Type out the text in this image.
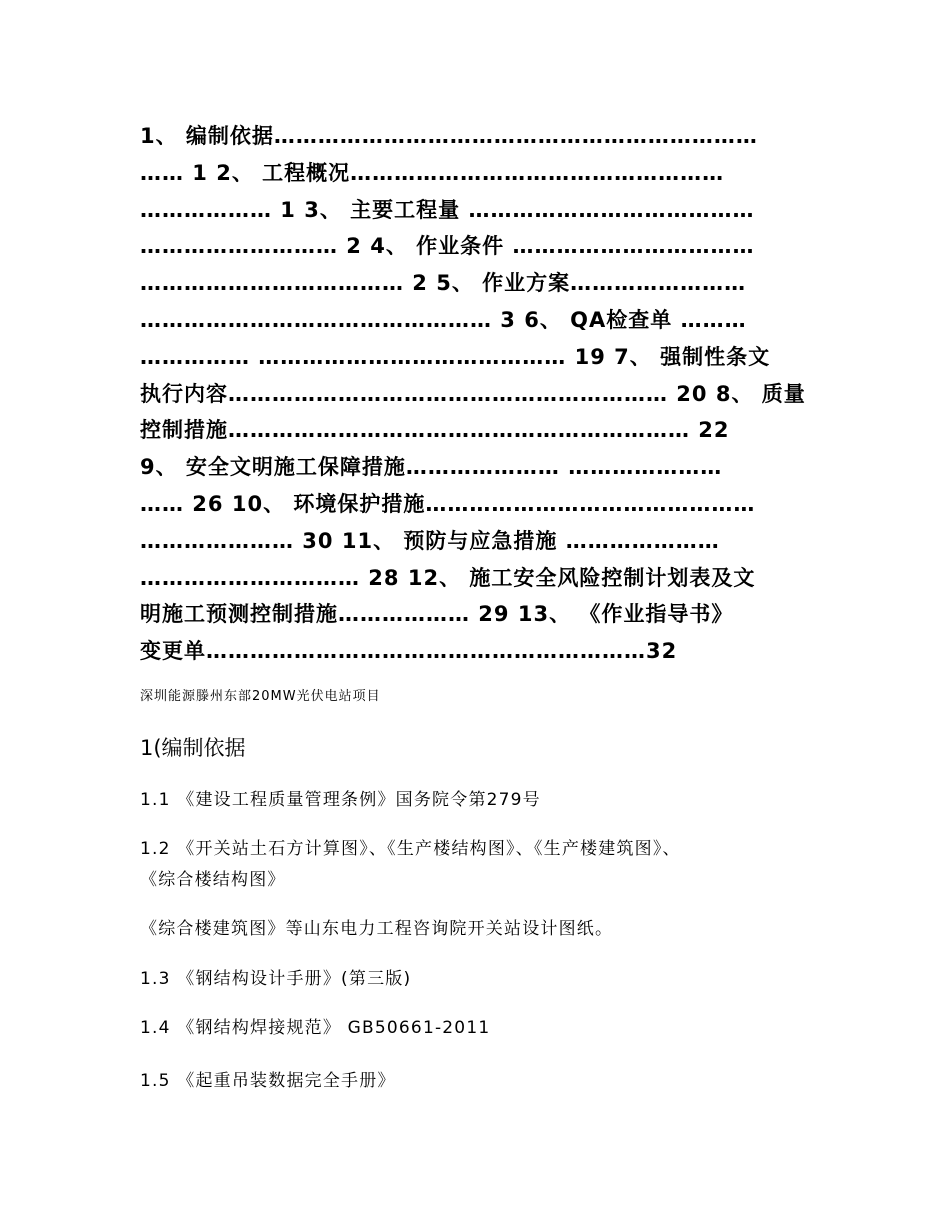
1、 编制依据…………………………………………………………
…… 1 2、 工程概况……………………………………………
……………… 1 3、 主要工程量 …………………………………
……………………… 2 4、 作业条件 ……………………………
……………………………… 2 5、 作业方案……………………
………………………………………… 3 6、 QA检查单 ………
…………… …………………………………… 19 7、 强制性条文
执行内容…………………………………………………… 20 8、 质量
控制措施……………………………………………………… 22
9、 安全文明施工保障措施………………… …………………
…… 26 10、 环境保护措施………………………………………
………………… 30 11、 预防与应急措施 …………………
………………………… 28 12、 施工安全风险控制计划表及文
明施工预测控制措施……………… 29 13、 《作业指导书》
变更单……………………………………………………32
深圳能源滕州东部20MW光伏电站项目
1(编制依据
1.1 《建设工程质量管理条例》国务院令第279号
1.2 《开关站土石方计算图》、《生产楼结构图》、《生产楼建筑图》、
《综合楼结构图》
《综合楼建筑图》等山东电力工程咨询院开关站设计图纸。
1.3 《钢结构设计手册》(第三版)
1.4 《钢结构焊接规范》 GB50661-2011
1.5 《起重吊装数据完全手册》
